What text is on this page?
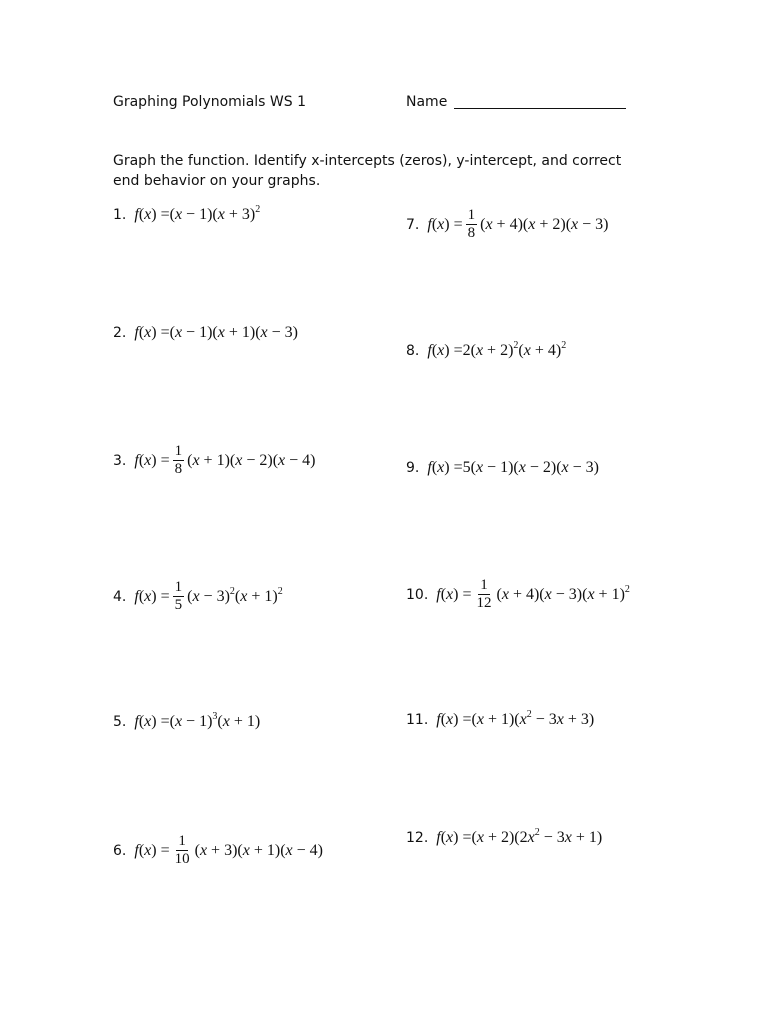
Graphing Polynomials WS 1	Name
Graph the function. Identify x-intercepts (zeros), y-intercept, and correct end behavior on your graphs.
1. $f(x) = (x - 1)(x + 3)^2$
2. f(x) = (x − 1)(x + 1)(x − 3)
3. $f(x) = \frac{1}{8} (x + 1)(x - 2)(x - 4)$
4. $f(x) = \frac{1}{5} (x - 3)^2(x + 1)^2$
5. $f(x) = (x - 1)^3(x + 1)$
6. $f(x) = \frac{1}{10} (x + 3)(x + 1)(x - 4)$
7. $f(x) = \frac{1}{8} (x + 4)(x + 2)(x - 3)$
8. $f(x) = 2(x + 2)^2(x + 4)^2$
9. f(x) = 5(x − 1)(x − 2)(x − 3)
10. $f(x) = \frac{1}{12} (x + 4)(x - 3)(x + 1)^2$
11. $f(x) = (x + 1)(x^2 - 3x + 3)$
12. $f(x) = (x + 2)(2x^2 - 3x + 1)$
